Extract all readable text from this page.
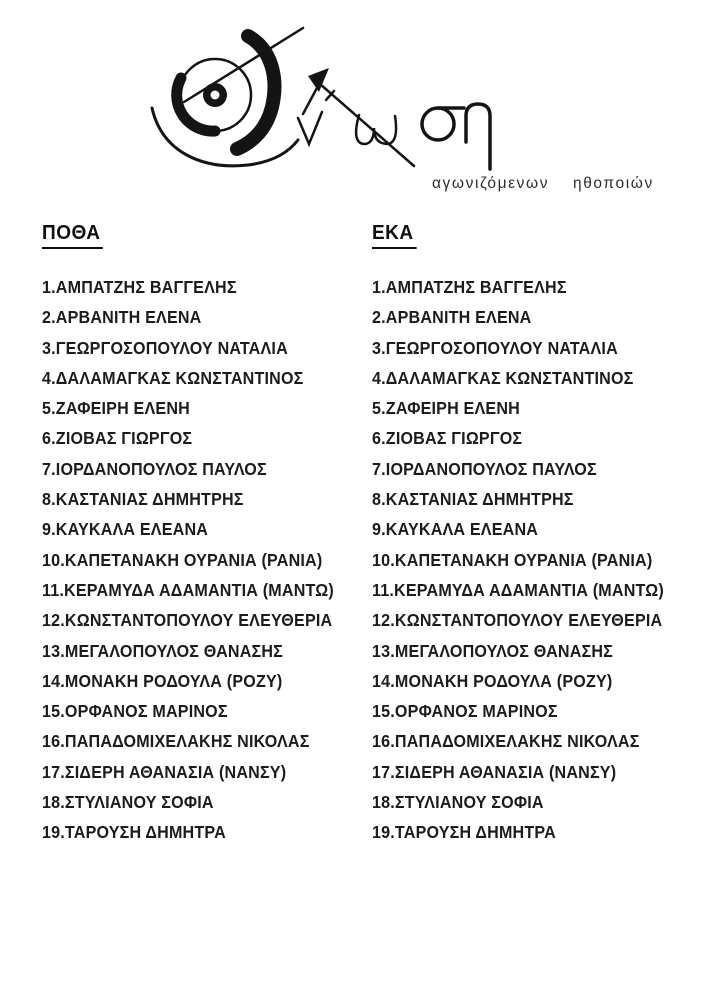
αγωνιζόμενων ηθοποιών
ΠΟΘΑ
1.ΑΜΠΑΤΖΗΣ ΒΑΓΓΕΛΗΣ
2.ΑΡΒΑΝΙΤΗ ΕΛΕΝΑ
3.ΓΕΩΡΓΟΣΟΠΟΥΛΟΥ ΝΑΤΑΛΙΑ
4.ΔΑΛΑΜΑΓΚΑΣ ΚΩΝΣΤΑΝΤΙΝΟΣ
5.ΖΑΦΕΙΡΗ ΕΛΕΝΗ
6.ΖΙΟΒΑΣ ΓΙΩΡΓΟΣ
7.ΙΟΡΔΑΝΟΠΟΥΛΟΣ ΠΑΥΛΟΣ
8.ΚΑΣΤΑΝΙΑΣ ΔΗΜΗΤΡΗΣ
9.ΚΑΥΚΑΛΑ ΕΛΕΑΝΑ
10.ΚΑΠΕΤΑΝΑΚΗ ΟΥΡΑΝΙΑ (ΡΑΝΙΑ)
11.ΚΕΡΑΜΥΔΑ ΑΔΑΜΑΝΤΙΑ (ΜΑΝΤΩ)
12.ΚΩΝΣΤΑΝΤΟΠΟΥΛΟΥ ΕΛΕΥΘΕΡΙΑ
13.ΜΕΓΑΛΟΠΟΥΛΟΣ ΘΑΝΑΣΗΣ
14.ΜΟΝΑΚΗ ΡΟΔΟΥΛΑ (ΡΟΖΥ)
15.ΟΡΦΑΝΟΣ ΜΑΡΙΝΟΣ
16.ΠΑΠΑΔΟΜΙΧΕΛΑΚΗΣ ΝΙΚΟΛΑΣ
17.ΣΙΔΕΡΗ ΑΘΑΝΑΣΙΑ (ΝΑΝΣΥ)
18.ΣΤΥΛΙΑΝΟΥ ΣΟΦΙΑ
19.ΤΑΡΟΥΣΗ ΔΗΜΗΤΡΑ
ΕΚΑ
1.ΑΜΠΑΤΖΗΣ ΒΑΓΓΕΛΗΣ
2.ΑΡΒΑΝΙΤΗ ΕΛΕΝΑ
3.ΓΕΩΡΓΟΣΟΠΟΥΛΟΥ ΝΑΤΑΛΙΑ
4.ΔΑΛΑΜΑΓΚΑΣ ΚΩΝΣΤΑΝΤΙΝΟΣ
5.ΖΑΦΕΙΡΗ ΕΛΕΝΗ
6.ΖΙΟΒΑΣ ΓΙΩΡΓΟΣ
7.ΙΟΡΔΑΝΟΠΟΥΛΟΣ ΠΑΥΛΟΣ
8.ΚΑΣΤΑΝΙΑΣ ΔΗΜΗΤΡΗΣ
9.ΚΑΥΚΑΛΑ ΕΛΕΑΝΑ
10.ΚΑΠΕΤΑΝΑΚΗ ΟΥΡΑΝΙΑ (ΡΑΝΙΑ)
11.ΚΕΡΑΜΥΔΑ ΑΔΑΜΑΝΤΙΑ (ΜΑΝΤΩ)
12.ΚΩΝΣΤΑΝΤΟΠΟΥΛΟΥ ΕΛΕΥΘΕΡΙΑ
13.ΜΕΓΑΛΟΠΟΥΛΟΣ ΘΑΝΑΣΗΣ
14.ΜΟΝΑΚΗ ΡΟΔΟΥΛΑ (ΡΟΖΥ)
15.ΟΡΦΑΝΟΣ ΜΑΡΙΝΟΣ
16.ΠΑΠΑΔΟΜΙΧΕΛΑΚΗΣ ΝΙΚΟΛΑΣ
17.ΣΙΔΕΡΗ ΑΘΑΝΑΣΙΑ (ΝΑΝΣΥ)
18.ΣΤΥΛΙΑΝΟΥ ΣΟΦΙΑ
19.ΤΑΡΟΥΣΗ ΔΗΜΗΤΡΑ
